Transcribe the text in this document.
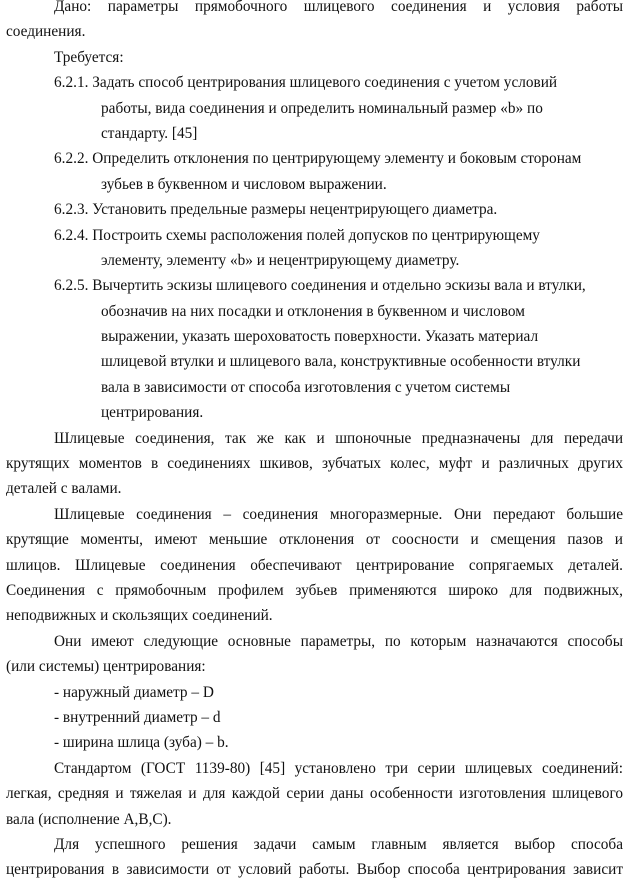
Дано: параметры прямобочного шлицевого соединения и условия работы
соединения.
Требуется:
6.2.1. Задать способ центрирования шлицевого соединения с учетом условий
работы, вида соединения и определить номинальный размер «b» по
стандарту. [45]
6.2.2. Определить отклонения по центрирующему элементу и боковым сторонам
зубьев в буквенном и числовом выражении.
6.2.3. Установить предельные размеры нецентрирующего диаметра.
6.2.4. Построить схемы расположения полей допусков по центрирующему
элементу, элементу «b» и нецентрирующему диаметру.
6.2.5. Вычертить эскизы шлицевого соединения и отдельно эскизы вала и втулки,
обозначив на них посадки и отклонения в буквенном и числовом
выражении, указать шероховатость поверхности. Указать материал
шлицевой втулки и шлицевого вала, конструктивные особенности втулки
вала в зависимости от способа изготовления с учетом системы
центрирования.
Шлицевые соединения, так же как и шпоночные предназначены для передачи
крутящих моментов в соединениях шкивов, зубчатых колес, муфт и различных других
деталей с валами.
Шлицевые соединения – соединения многоразмерные. Они передают большие
крутящие моменты, имеют меньшие отклонения от соосности и смещения пазов и
шлицов. Шлицевые соединения обеспечивают центрирование сопрягаемых деталей.
Соединения с прямобочным профилем зубьев применяются широко для подвижных,
неподвижных и скользящих соединений.
Они имеют следующие основные параметры, по которым назначаются способы
(или системы) центрирования:
- наружный диаметр – D
- внутренний диаметр – d
- ширина шлица (зуба) – b.
Стандартом (ГОСТ 1139-80) [45] установлено три серии шлицевых соединений:
легкая, средняя и тяжелая и для каждой серии даны особенности изготовления шлицевого
вала (исполнение А,В,С).
Для успешного решения задачи самым главным является выбор способа
центрирования в зависимости от условий работы. Выбор способа центрирования зависит
